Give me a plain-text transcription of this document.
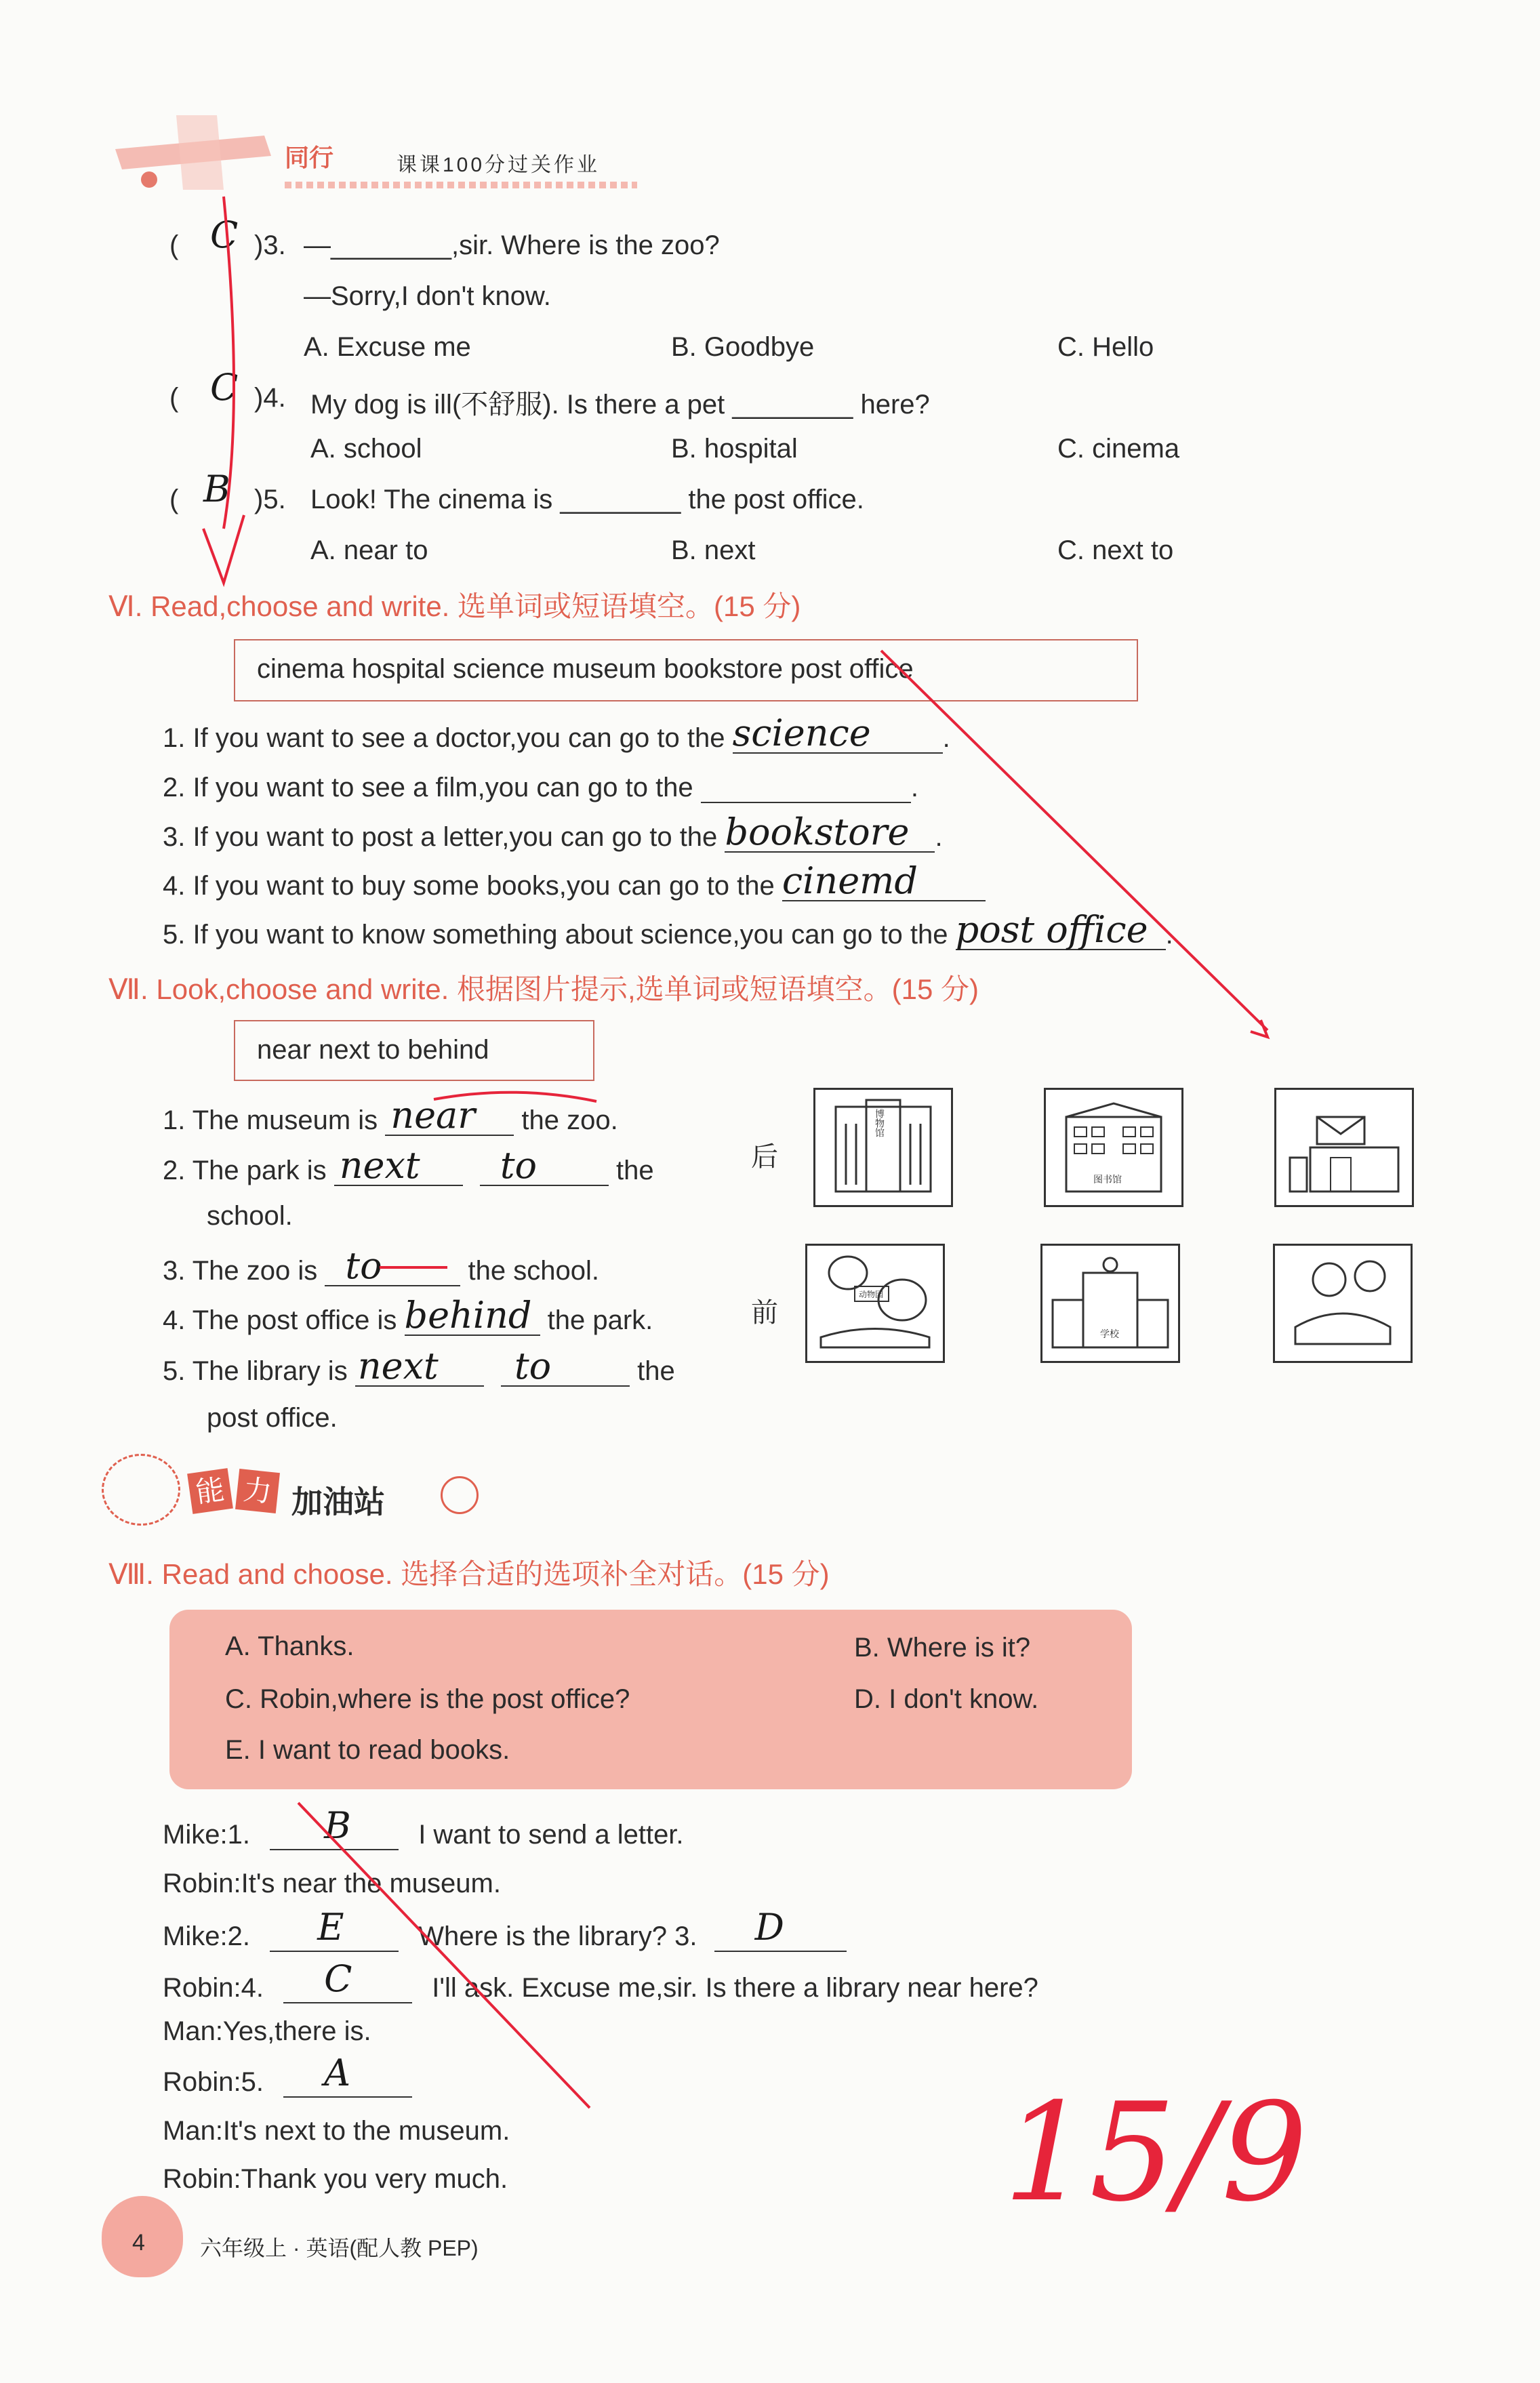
同行	课课100分过关作业
( C )3. —________,sir. Where is the zoo?
—Sorry,I don't know.
A. Excuse me	B. Goodbye	C. Hello
( C )4. My dog is ill(不舒服). Is there a pet ________ here?
A. school	B. hospital	C. cinema
( B )5. Look! The cinema is ________ the post office.
A. near to	B. next	C. next to
Ⅵ. Read,choose and write. 选单词或短语填空。(15 分)
cinema hospital science museum bookstore post office
1. If you want to see a doctor,you can go to the science	.
2. If you want to see a film,you can go to the	.
3. If you want to post a letter,you can go to the bookstore .
4. If you want to buy some books,you can go to the cinemd
5. If you want to know something about science,you can go to the post office .
Ⅶ. Look,choose and write. 根据图片提示,选单词或短语填空。(15 分)
near next to behind
1. The museum is near the zoo.
2. The park is next
to	the
school.
3. The zoo is to	the school.
4. The post office is behind the park.
5. The library is next
to	the
post office.
后
前
博物馆
图书馆
动物园
学校
能 力 加油站
Ⅷ. Read and choose. 选择合适的选项补全对话。(15 分)
A. Thanks.	B. Where is it?
C. Robin,where is the post office?	D. I don't know.
E. I want to read books.
Mike:1. B I want to send a letter.
Robin:It's near the museum.
Mike:2. E	Where is the library? 3. D
Robin:4. C	I'll ask. Excuse me,sir. Is there a library near here?
Man:Yes,there is.
Robin:5. A
Man:It's next to the museum.
Robin:Thank you very much.	15/9
4	六年级上 · 英语(配人教 PEP)
